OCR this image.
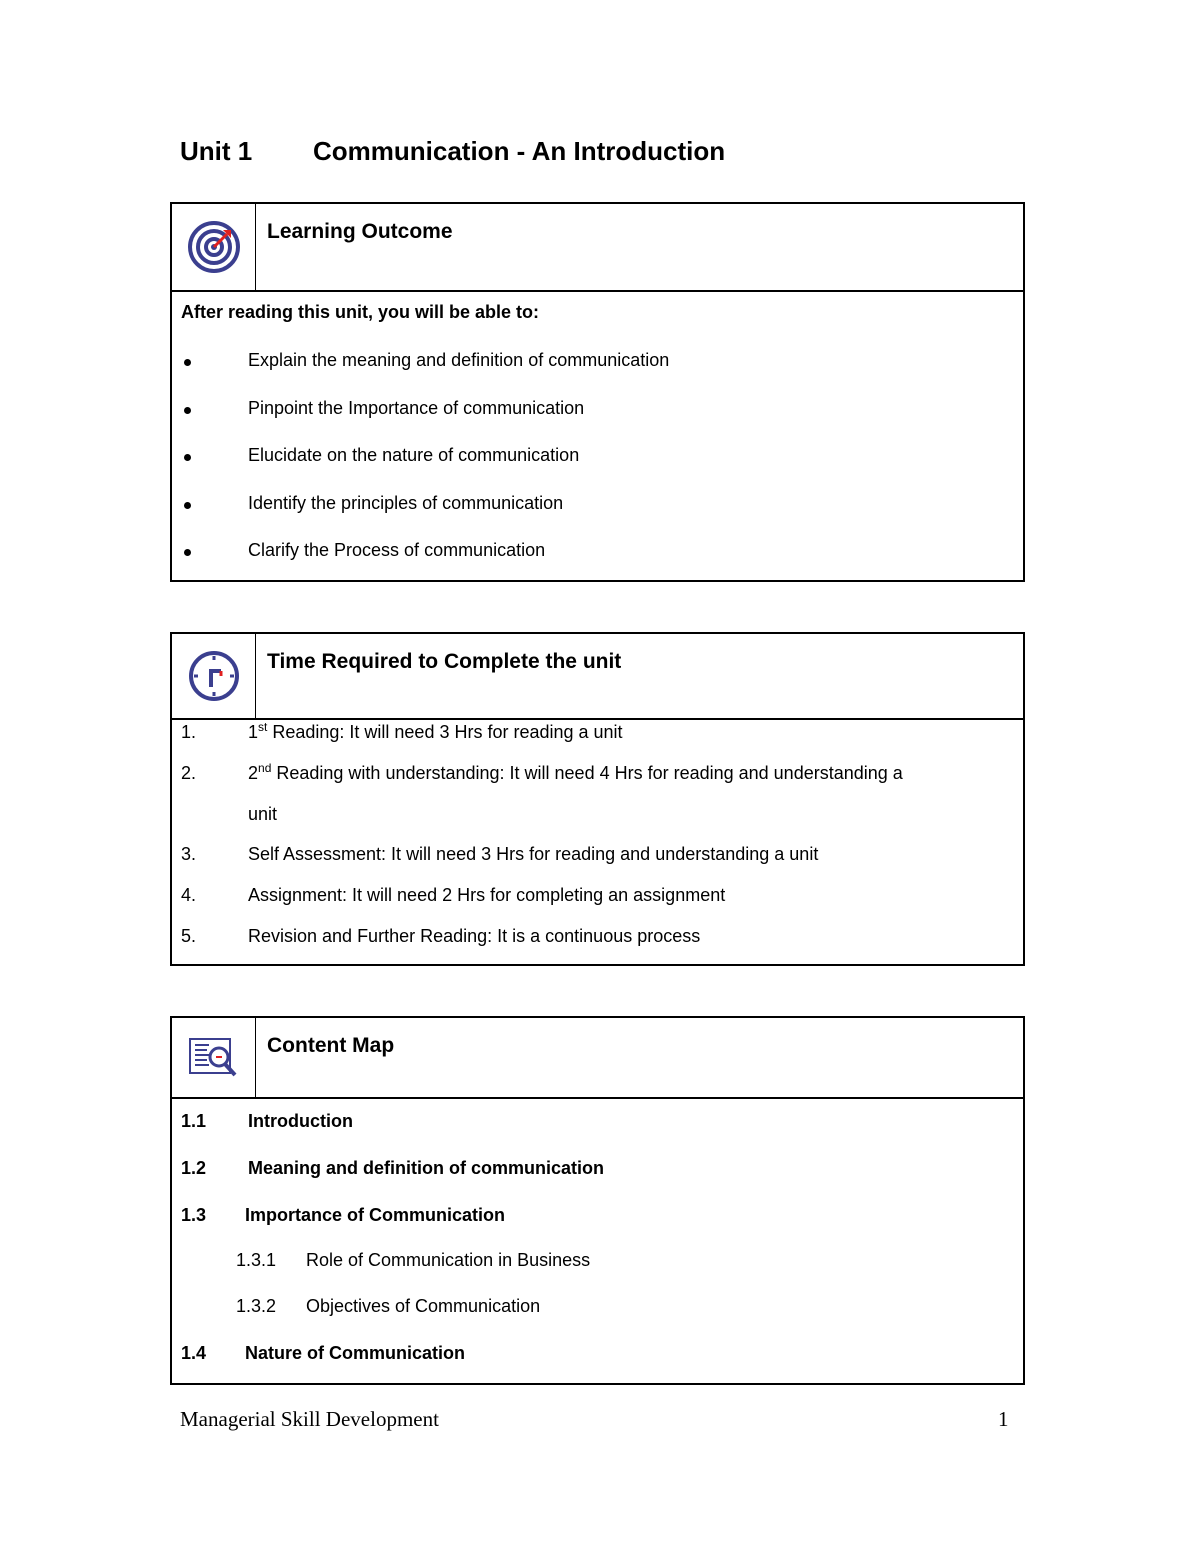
Unit 1 Communication - An Introduction
Learning Outcome
After reading this unit, you will be able to:
Explain the meaning and definition of communication
Pinpoint the Importance of communication
Elucidate on the nature of communication
Identify the principles of communication
Clarify the Process of communication
Time Required to Complete the unit
1.	1st Reading: It will need 3 Hrs for reading a unit
2.	2nd Reading with understanding: It will need 4 Hrs for reading and understanding a
unit
3.	Self Assessment: It will need 3 Hrs for reading and understanding a unit
4.	Assignment: It will need 2 Hrs for completing an assignment
5.	Revision and Further Reading: It is a continuous process
Content Map
1.1 Introduction
1.2 Meaning and definition of communication
1.3 Importance of Communication
1.3.1 Role of Communication in Business
1.3.2 Objectives of Communication
1.4 Nature of Communication
Managerial Skill Development	1
